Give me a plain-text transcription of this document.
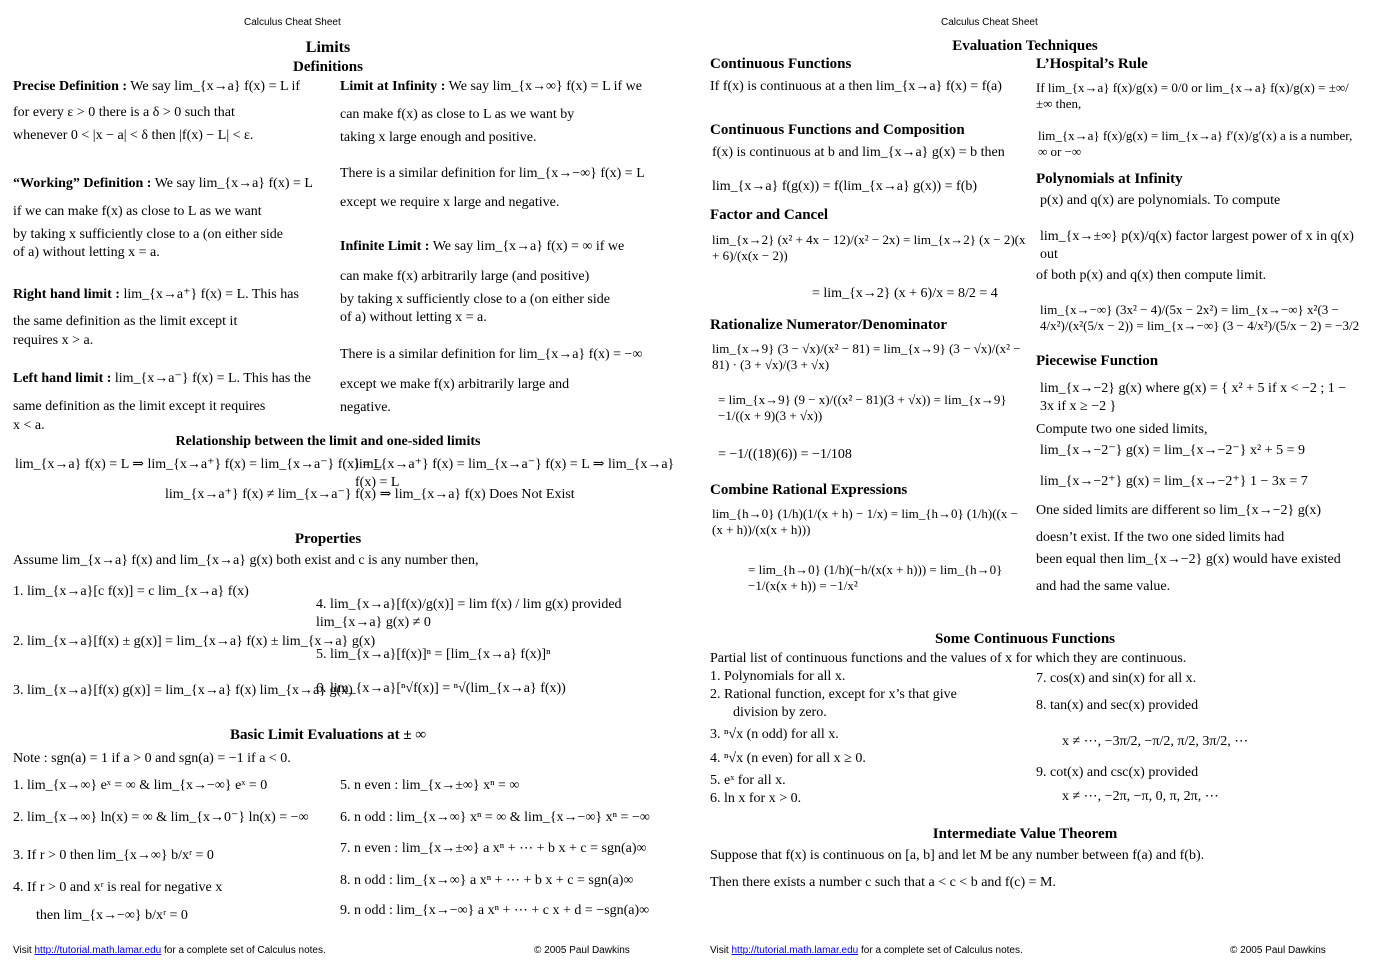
Calculus Cheat Sheet
Limits
Definitions
Precise Definition : We say lim_{x→a} f(x) = L if
for every ε > 0 there is a δ > 0 such that
whenever 0 < |x − a| < δ then |f(x) − L| < ε.
“Working” Definition : We say lim_{x→a} f(x) = L
if we can make f(x) as close to L as we want
by taking x sufficiently close to a (on either side
of a) without letting x = a.
Right hand limit : lim_{x→a⁺} f(x) = L. This has
the same definition as the limit except it
requires x > a.
Left hand limit : lim_{x→a⁻} f(x) = L. This has the
same definition as the limit except it requires
x < a.
Limit at Infinity : We say lim_{x→∞} f(x) = L if we
can make f(x) as close to L as we want by
taking x large enough and positive.
There is a similar definition for lim_{x→−∞} f(x) = L
except we require x large and negative.
Infinite Limit : We say lim_{x→a} f(x) = ∞ if we
can make f(x) arbitrarily large (and positive)
by taking x sufficiently close to a (on either side
of a) without letting x = a.
There is a similar definition for lim_{x→a} f(x) = −∞
except we make f(x) arbitrarily large and
negative.
Relationship between the limit and one-sided limits
lim_{x→a} f(x) = L ⇒ lim_{x→a⁺} f(x) = lim_{x→a⁻} f(x) = L
lim_{x→a⁺} f(x) = lim_{x→a⁻} f(x) = L ⇒ lim_{x→a} f(x) = L
lim_{x→a⁺} f(x) ≠ lim_{x→a⁻} f(x) ⇒ lim_{x→a} f(x) Does Not Exist
Properties
Assume lim_{x→a} f(x) and lim_{x→a} g(x) both exist and c is any number then,
1. lim_{x→a}[c f(x)] = c lim_{x→a} f(x)
2. lim_{x→a}[f(x) ± g(x)] = lim_{x→a} f(x) ± lim_{x→a} g(x)
3. lim_{x→a}[f(x) g(x)] = lim_{x→a} f(x) lim_{x→a} g(x)
4. lim_{x→a}[f(x)/g(x)] = lim f(x) / lim g(x) provided lim_{x→a} g(x) ≠ 0
5. lim_{x→a}[f(x)]ⁿ = [lim_{x→a} f(x)]ⁿ
6. lim_{x→a}[ⁿ√f(x)] = ⁿ√(lim_{x→a} f(x))
Basic Limit Evaluations at ± ∞
Note : sgn(a) = 1 if a > 0 and sgn(a) = −1 if a < 0.
1. lim_{x→∞} eˣ = ∞ & lim_{x→−∞} eˣ = 0
2. lim_{x→∞} ln(x) = ∞ & lim_{x→0⁻} ln(x) = −∞
3. If r > 0 then lim_{x→∞} b/xʳ = 0
4. If r > 0 and xʳ is real for negative x
then lim_{x→−∞} b/xʳ = 0
5. n even : lim_{x→±∞} xⁿ = ∞
6. n odd : lim_{x→∞} xⁿ = ∞ & lim_{x→−∞} xⁿ = −∞
7. n even : lim_{x→±∞} a xⁿ + ⋯ + b x + c = sgn(a)∞
8. n odd : lim_{x→∞} a xⁿ + ⋯ + b x + c = sgn(a)∞
9. n odd : lim_{x→−∞} a xⁿ + ⋯ + c x + d = −sgn(a)∞
Visit http://tutorial.math.lamar.edu for a complete set of Calculus notes.	© 2005 Paul Dawkins
Calculus Cheat Sheet
Evaluation Techniques
Continuous Functions
If f(x) is continuous at a then lim_{x→a} f(x) = f(a)
Continuous Functions and Composition
f(x) is continuous at b and lim_{x→a} g(x) = b then
lim_{x→a} f(g(x)) = f(lim_{x→a} g(x)) = f(b)
Factor and Cancel
lim_{x→2} (x² + 4x − 12)/(x² − 2x) = lim_{x→2} (x − 2)(x + 6)/(x(x − 2))
= lim_{x→2} (x + 6)/x = 8/2 = 4
Rationalize Numerator/Denominator
lim_{x→9} (3 − √x)/(x² − 81) = lim_{x→9} (3 − √x)/(x² − 81) · (3 + √x)/(3 + √x)
= lim_{x→9} (9 − x)/((x² − 81)(3 + √x)) = lim_{x→9} −1/((x + 9)(3 + √x))
= −1/((18)(6)) = −1/108
Combine Rational Expressions
lim_{h→0} (1/h)(1/(x + h) − 1/x) = lim_{h→0} (1/h)((x − (x + h))/(x(x + h)))
= lim_{h→0} (1/h)(−h/(x(x + h))) = lim_{h→0} −1/(x(x + h)) = −1/x²
L’Hospital’s Rule
If lim_{x→a} f(x)/g(x) = 0/0 or lim_{x→a} f(x)/g(x) = ±∞/±∞ then,
lim_{x→a} f(x)/g(x) = lim_{x→a} f′(x)/g′(x) a is a number, ∞ or −∞
Polynomials at Infinity
p(x) and q(x) are polynomials. To compute
lim_{x→±∞} p(x)/q(x) factor largest power of x in q(x) out
of both p(x) and q(x) then compute limit.
lim_{x→−∞} (3x² − 4)/(5x − 2x²) = lim_{x→−∞} x²(3 − 4/x²)/(x²(5/x − 2)) = lim_{x→−∞} (3 − 4/x²)/(5/x − 2) = −3/2
Piecewise Function
lim_{x→−2} g(x) where g(x) = { x² + 5 if x < −2 ; 1 − 3x if x ≥ −2 }
Compute two one sided limits,
lim_{x→−2⁻} g(x) = lim_{x→−2⁻} x² + 5 = 9
lim_{x→−2⁺} g(x) = lim_{x→−2⁺} 1 − 3x = 7
One sided limits are different so lim_{x→−2} g(x)
doesn’t exist. If the two one sided limits had
been equal then lim_{x→−2} g(x) would have existed
and had the same value.
Some Continuous Functions
Partial list of continuous functions and the values of x for which they are continuous.
1. Polynomials for all x.
2. Rational function, except for x’s that give
division by zero.
3. ⁿ√x (n odd) for all x.
4. ⁿ√x (n even) for all x ≥ 0.
5. eˣ for all x.
6. ln x for x > 0.
7. cos(x) and sin(x) for all x.
8. tan(x) and sec(x) provided
x ≠ ⋯, −3π/2, −π/2, π/2, 3π/2, ⋯
9. cot(x) and csc(x) provided
x ≠ ⋯, −2π, −π, 0, π, 2π, ⋯
Intermediate Value Theorem
Suppose that f(x) is continuous on [a, b] and let M be any number between f(a) and f(b).
Then there exists a number c such that a < c < b and f(c) = M.
Visit http://tutorial.math.lamar.edu for a complete set of Calculus notes.	© 2005 Paul Dawkins
